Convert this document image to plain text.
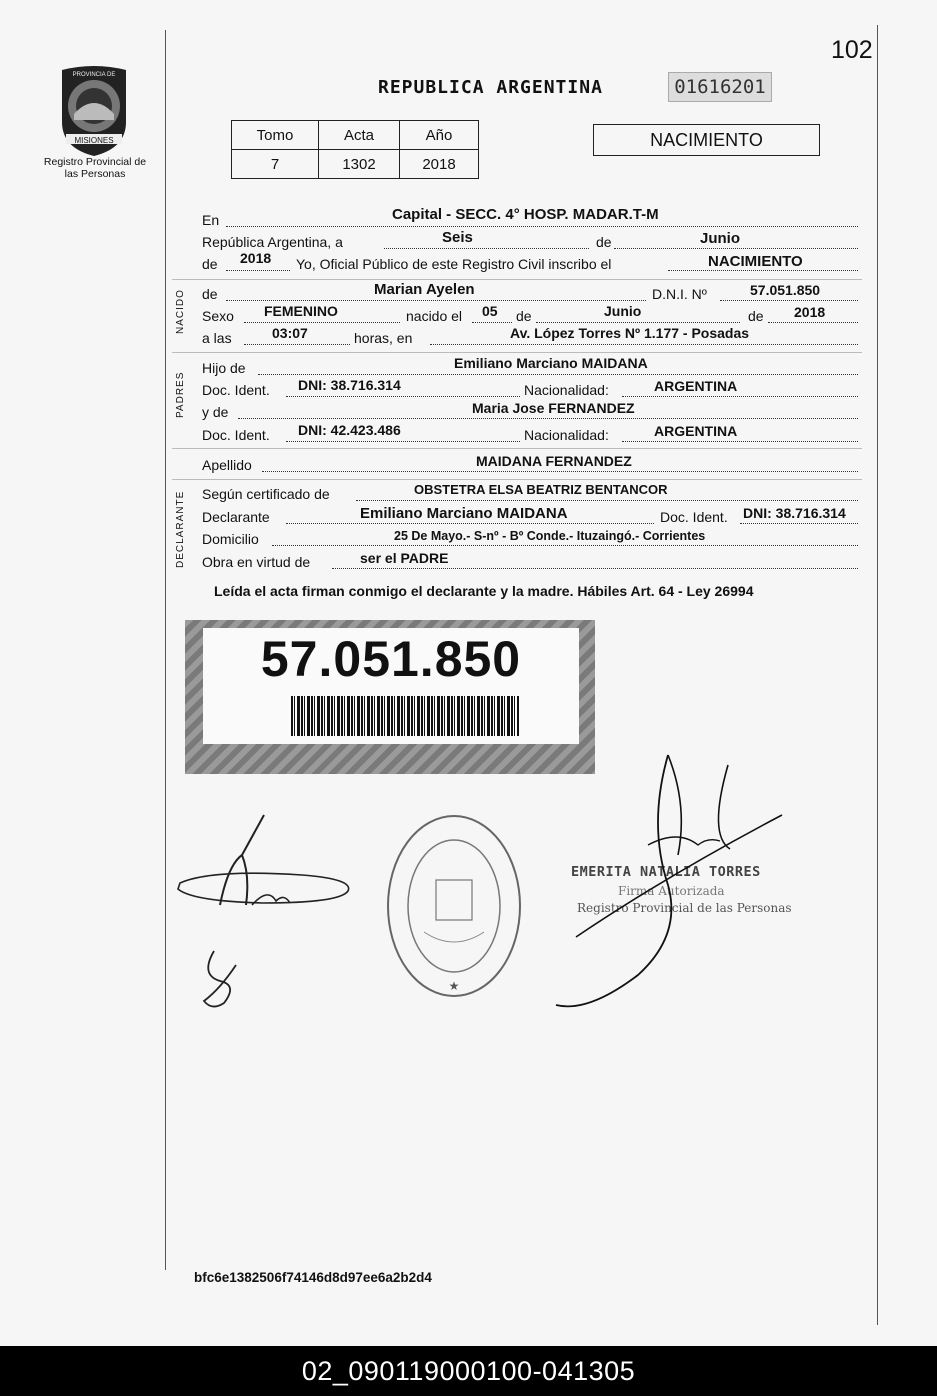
102
MISIONES
PROVINCIA DE
Registro Provincial de las Personas
REPUBLICA ARGENTINA	01616201
Tomo	Acta	Año
7	1302	2018
NACIMIENTO
En	Capital - SECC. 4° HOSP. MADAR.T-M
República Argentina, a	Seis	de	Junio
de 2018 Yo, Oficial Público de este Registro Civil inscribo el	NACIMIENTO
NACIDO de	Marian Ayelen	D.N.I. Nº	57.051.850
Sexo FEMENINO	nacido el 05 de	Junio	de 2018
a las	03:07	horas, en	Av. López Torres Nº 1.177 - Posadas
PADRES
Hijo de	Emiliano Marciano MAIDANA
Doc. Ident. DNI: 38.716.314	Nacionalidad:	ARGENTINA
y de	Maria Jose FERNANDEZ
Doc. Ident. DNI: 42.423.486	Nacionalidad:	ARGENTINA
Apellido	MAIDANA FERNANDEZ
DECLARANTE Según certificado de	OBSTETRA ELSA BEATRIZ BENTANCOR
Declarante	Emiliano Marciano MAIDANA	Doc. Ident. DNI: 38.716.314
Domicilio	25 De Mayo.- S-nº - Bº Conde.- Ituzaingó.- Corrientes
Obra en virtud de	ser el PADRE
Leída el acta firman conmigo el declarante y la madre. Hábiles Art. 64 - Ley 26994
57.051.850
★
EMERITA NATALIA TORRES
Firma Autorizada
Registro Provincial de las Personas
bfc6e1382506f74146d8d97ee6a2b2d4
02_090119000100-041305
